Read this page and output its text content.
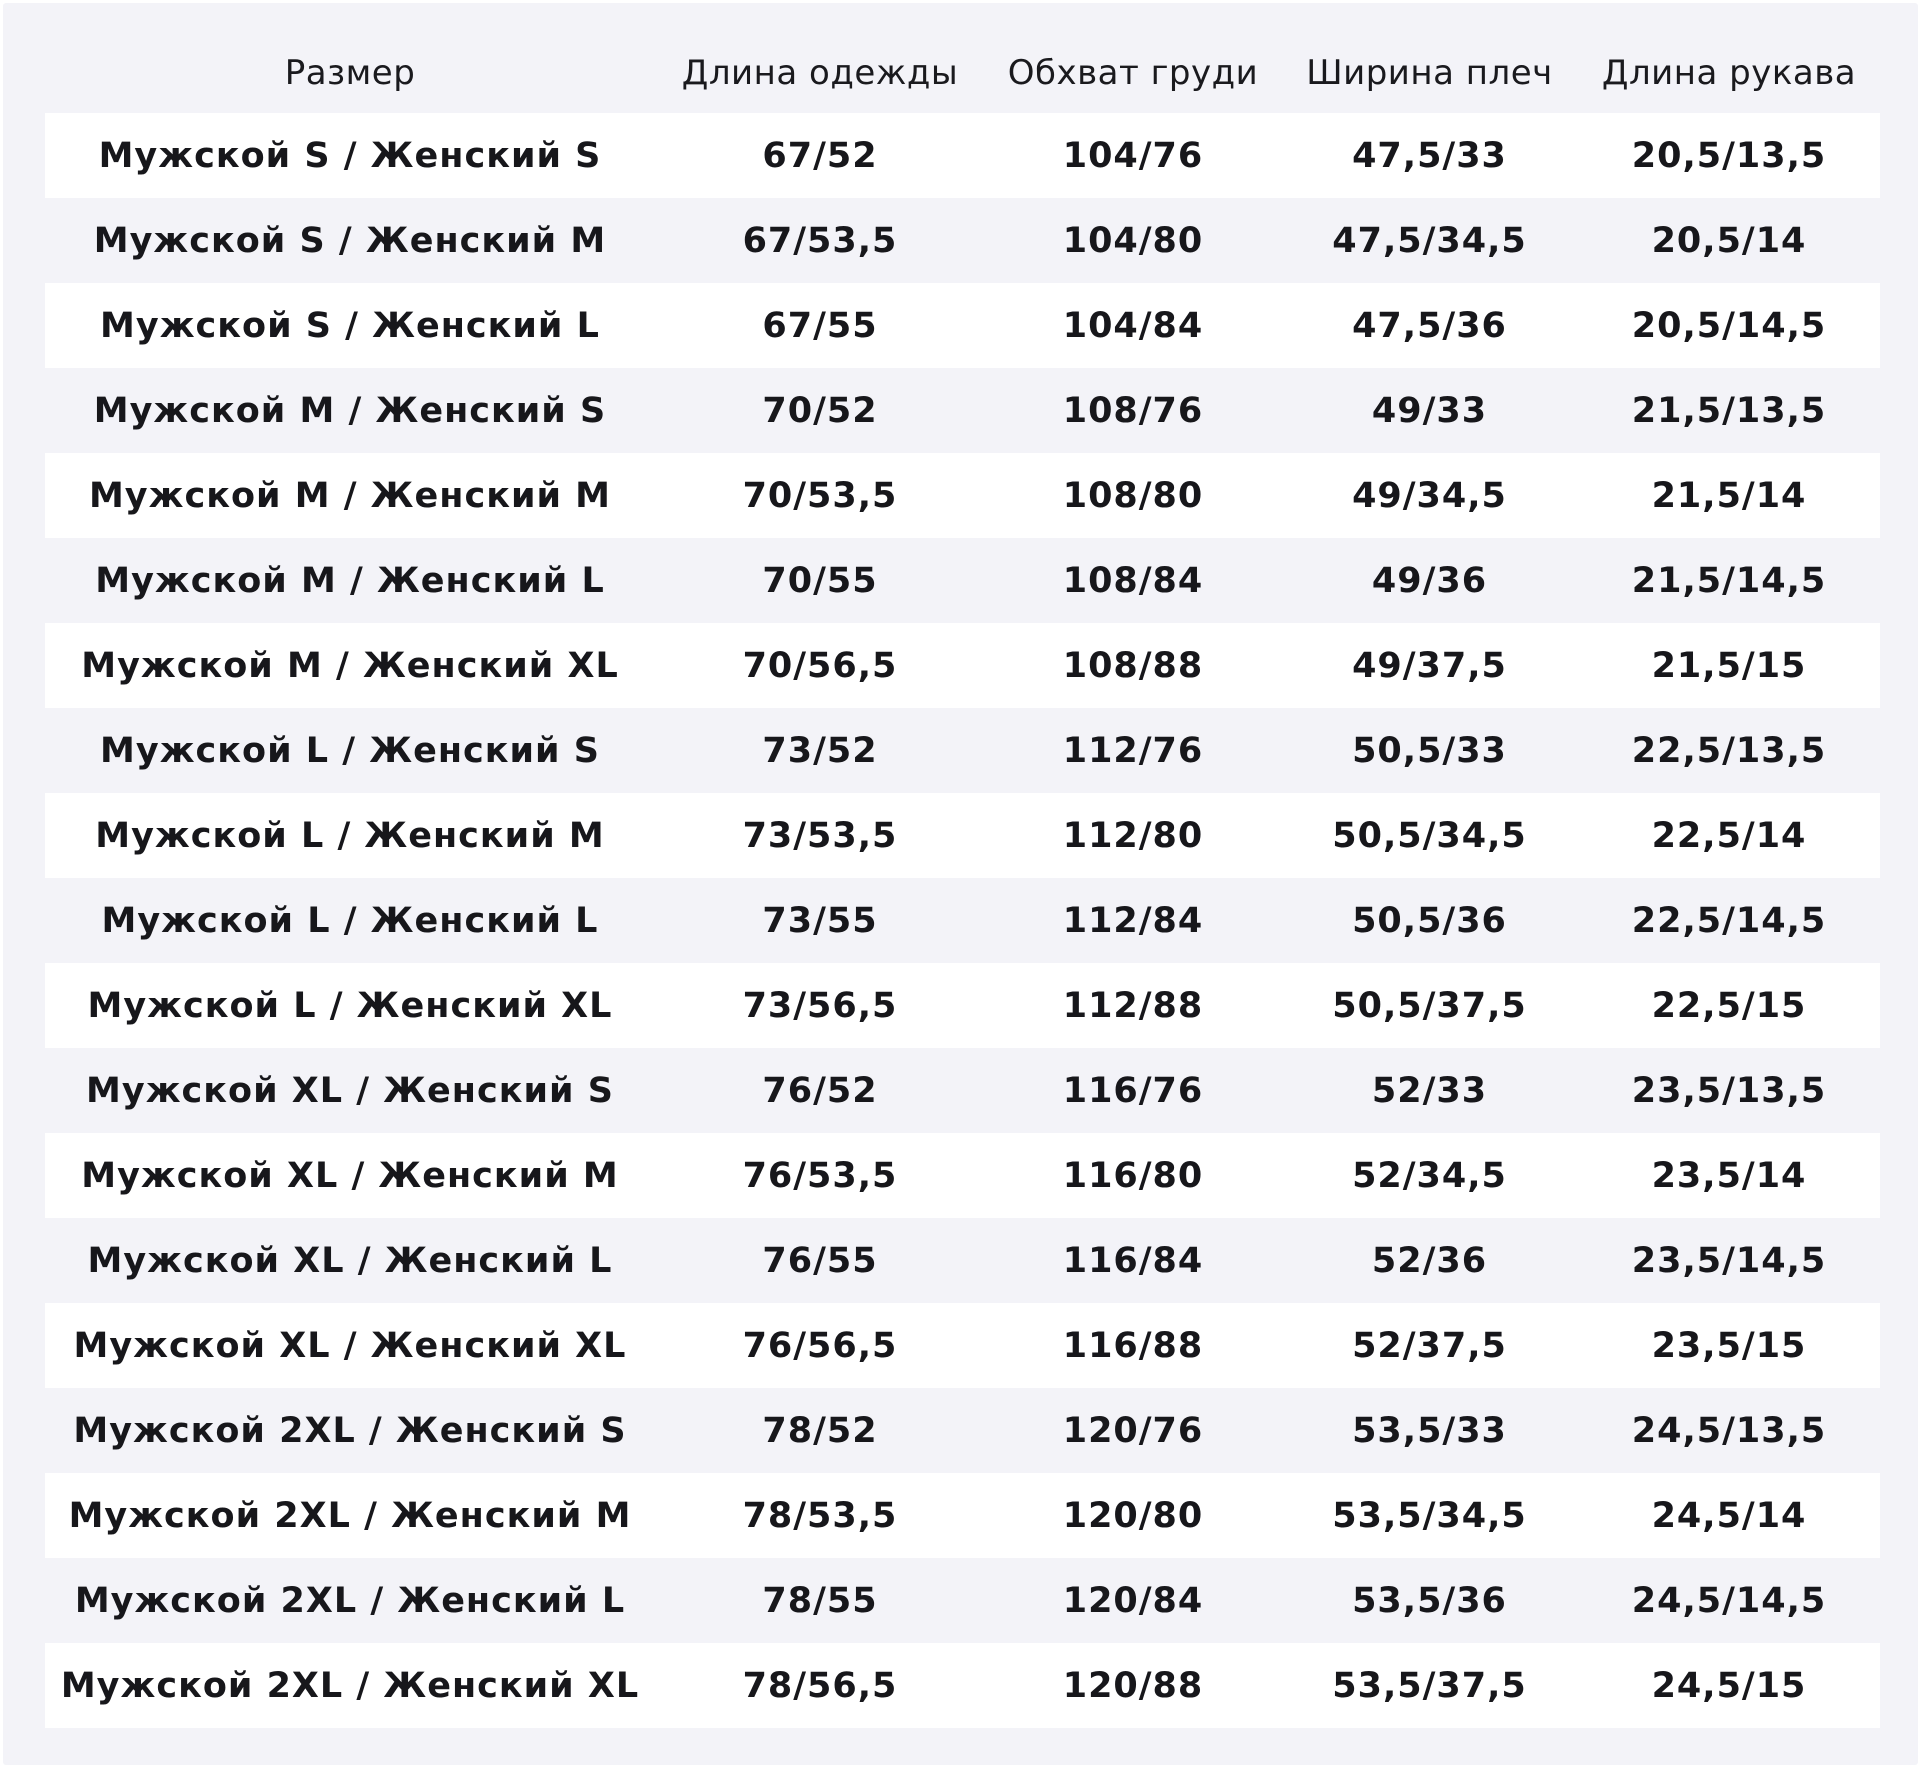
Размер	Длина одежды	Обхват груди	Ширина плеч	Длина рукава
Мужской S / Женский S	67/52	104/76	47,5/33	20,5/13,5
Мужской S / Женский M	67/53,5	104/80	47,5/34,5	20,5/14
Мужской S / Женский L	67/55	104/84	47,5/36	20,5/14,5
Мужской M / Женский S	70/52	108/76	49/33	21,5/13,5
Мужской M / Женский M	70/53,5	108/80	49/34,5	21,5/14
Мужской M / Женский L	70/55	108/84	49/36	21,5/14,5
Мужской M / Женский XL	70/56,5	108/88	49/37,5	21,5/15
Мужской L / Женский S	73/52	112/76	50,5/33	22,5/13,5
Мужской L / Женский M	73/53,5	112/80	50,5/34,5	22,5/14
Мужской L / Женский L	73/55	112/84	50,5/36	22,5/14,5
Мужской L / Женский XL	73/56,5	112/88	50,5/37,5	22,5/15
Мужской XL / Женский S	76/52	116/76	52/33	23,5/13,5
Мужской XL / Женский M	76/53,5	116/80	52/34,5	23,5/14
Мужской XL / Женский L	76/55	116/84	52/36	23,5/14,5
Мужской XL / Женский XL	76/56,5	116/88	52/37,5	23,5/15
Мужской 2XL / Женский S	78/52	120/76	53,5/33	24,5/13,5
Мужской 2XL / Женский M	78/53,5	120/80	53,5/34,5	24,5/14
Мужской 2XL / Женский L	78/55	120/84	53,5/36	24,5/14,5
Мужской 2XL / Женский XL	78/56,5	120/88	53,5/37,5	24,5/15
